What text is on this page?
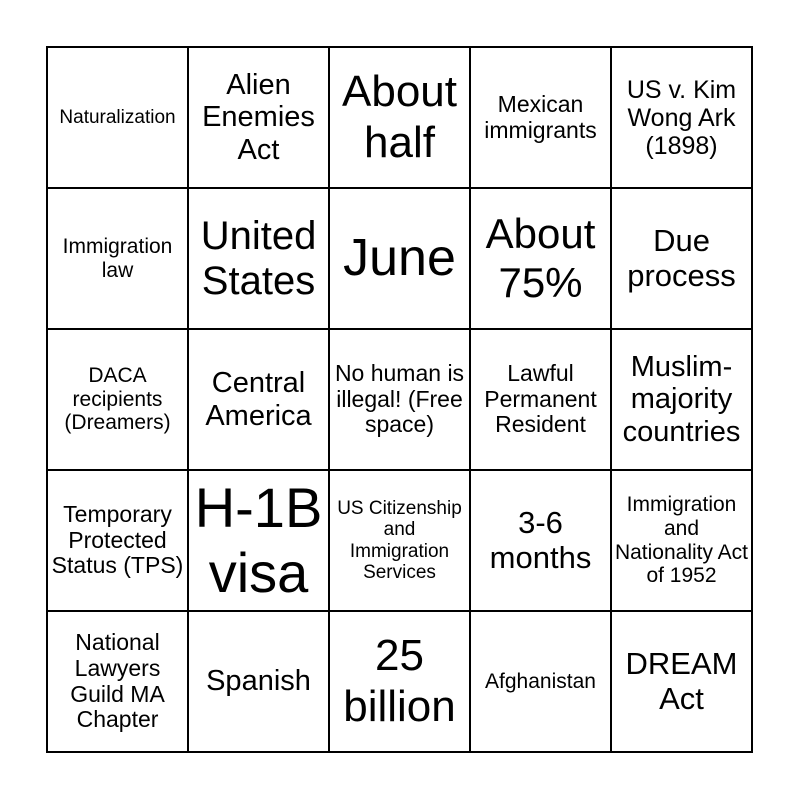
Naturalization
Alien Enemies Act
About half
Mexican immigrants
US v. Kim Wong Ark (1898)
Immigration law
United States June About 75%
Due process
DACA recipients (Dreamers)
Central America
No human is illegal! (Free space)
Lawful Permanent Resident
Muslim-majority countries
Temporary Protected Status (TPS)
H-1B visa
US Citizenship and Immigration Services
3-6 months
Immigration and Nationality Act of 1952
National Lawyers Guild MA Chapter
Spanish
25 billion
Afghanistan
DREAM Act
